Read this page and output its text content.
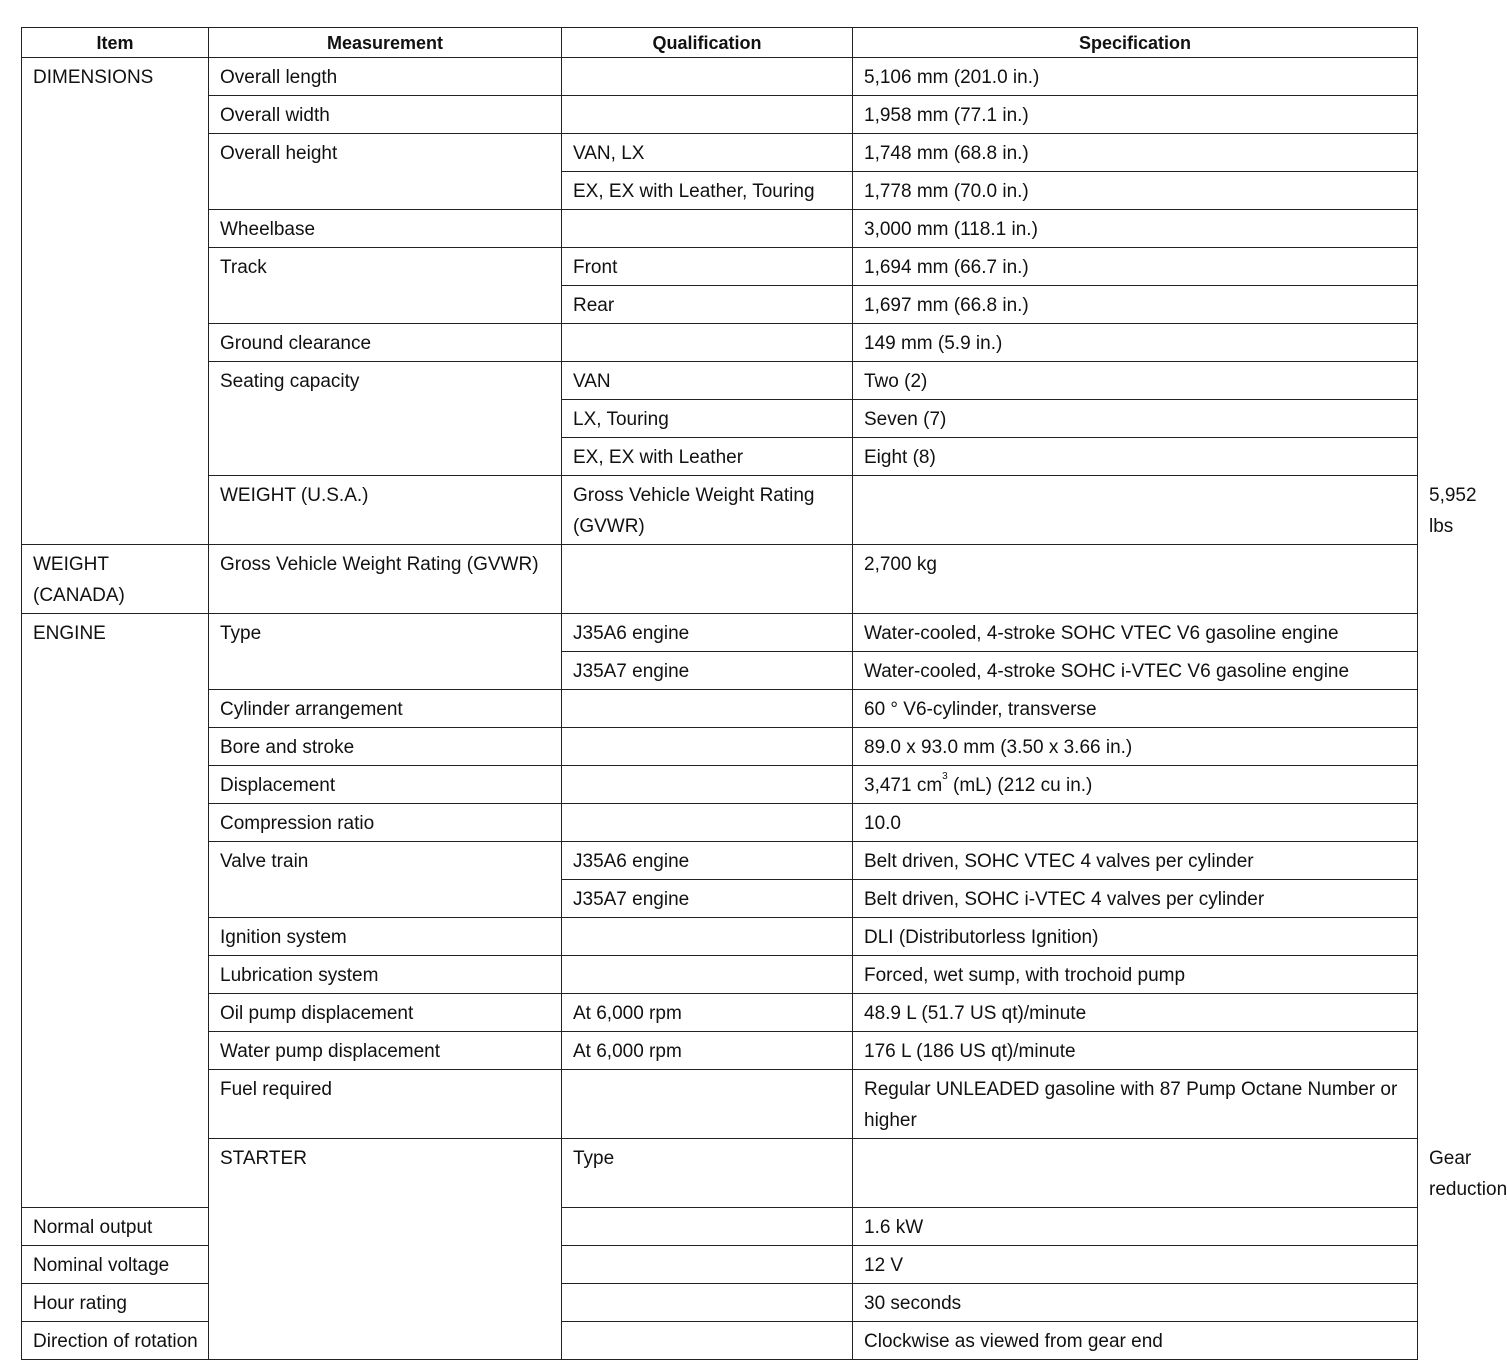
Item	Measurement	Qualification	Specification	
DIMENSIONS	Overall length		5,106 mm (201.0 in.)	
	Overall width		1,958 mm (77.1 in.)	
	Overall height	VAN, LX	1,748 mm (68.8 in.)	
		EX, EX with Leather, Touring	1,778 mm (70.0 in.)	
	Wheelbase		3,000 mm (118.1 in.)	
	Track	Front	1,694 mm (66.7 in.)	
		Rear	1,697 mm (66.8 in.)	
	Ground clearance		149 mm (5.9 in.)	
	Seating capacity	VAN	Two (2)	
		LX, Touring	Seven (7)	
		EX, EX with Leather	Eight (8)	
	WEIGHT (U.S.A.)	Gross Vehicle Weight Rating (GVWR)		5,952 lbs
WEIGHT (CANADA)	Gross Vehicle Weight Rating (GVWR)		2,700 kg	
ENGINE	Type	J35A6 engine	Water-cooled, 4-stroke SOHC VTEC V6 gasoline engine	
		J35A7 engine	Water-cooled, 4-stroke SOHC i-VTEC V6 gasoline engine	
	Cylinder arrangement		60 ° V6-cylinder, transverse	
	Bore and stroke		89.0 x 93.0 mm (3.50 x 3.66 in.)	
	Displacement		3,471 $cm^3$ (mL) (212 cu in.)	
	Compression ratio		10.0	
	Valve train	J35A6 engine	Belt driven, SOHC VTEC 4 valves per cylinder	
		J35A7 engine	Belt driven, SOHC i-VTEC 4 valves per cylinder	
	Ignition system		DLI (Distributorless Ignition)	
	Lubrication system		Forced, wet sump, with trochoid pump	
	Oil pump displacement	At 6,000 rpm	48.9 L (51.7 US qt)/minute	
	Water pump displacement	At 6,000 rpm	176 L (186 US qt)/minute	
	Fuel required		Regular UNLEADED gasoline with 87 Pump Octane Number or higher	
	STARTER	Type		Gear reduction
Normal output			1.6 kW	
Nominal voltage			12 V	
Hour rating			30 seconds	
Direction of rotation			Clockwise as viewed from gear end	
